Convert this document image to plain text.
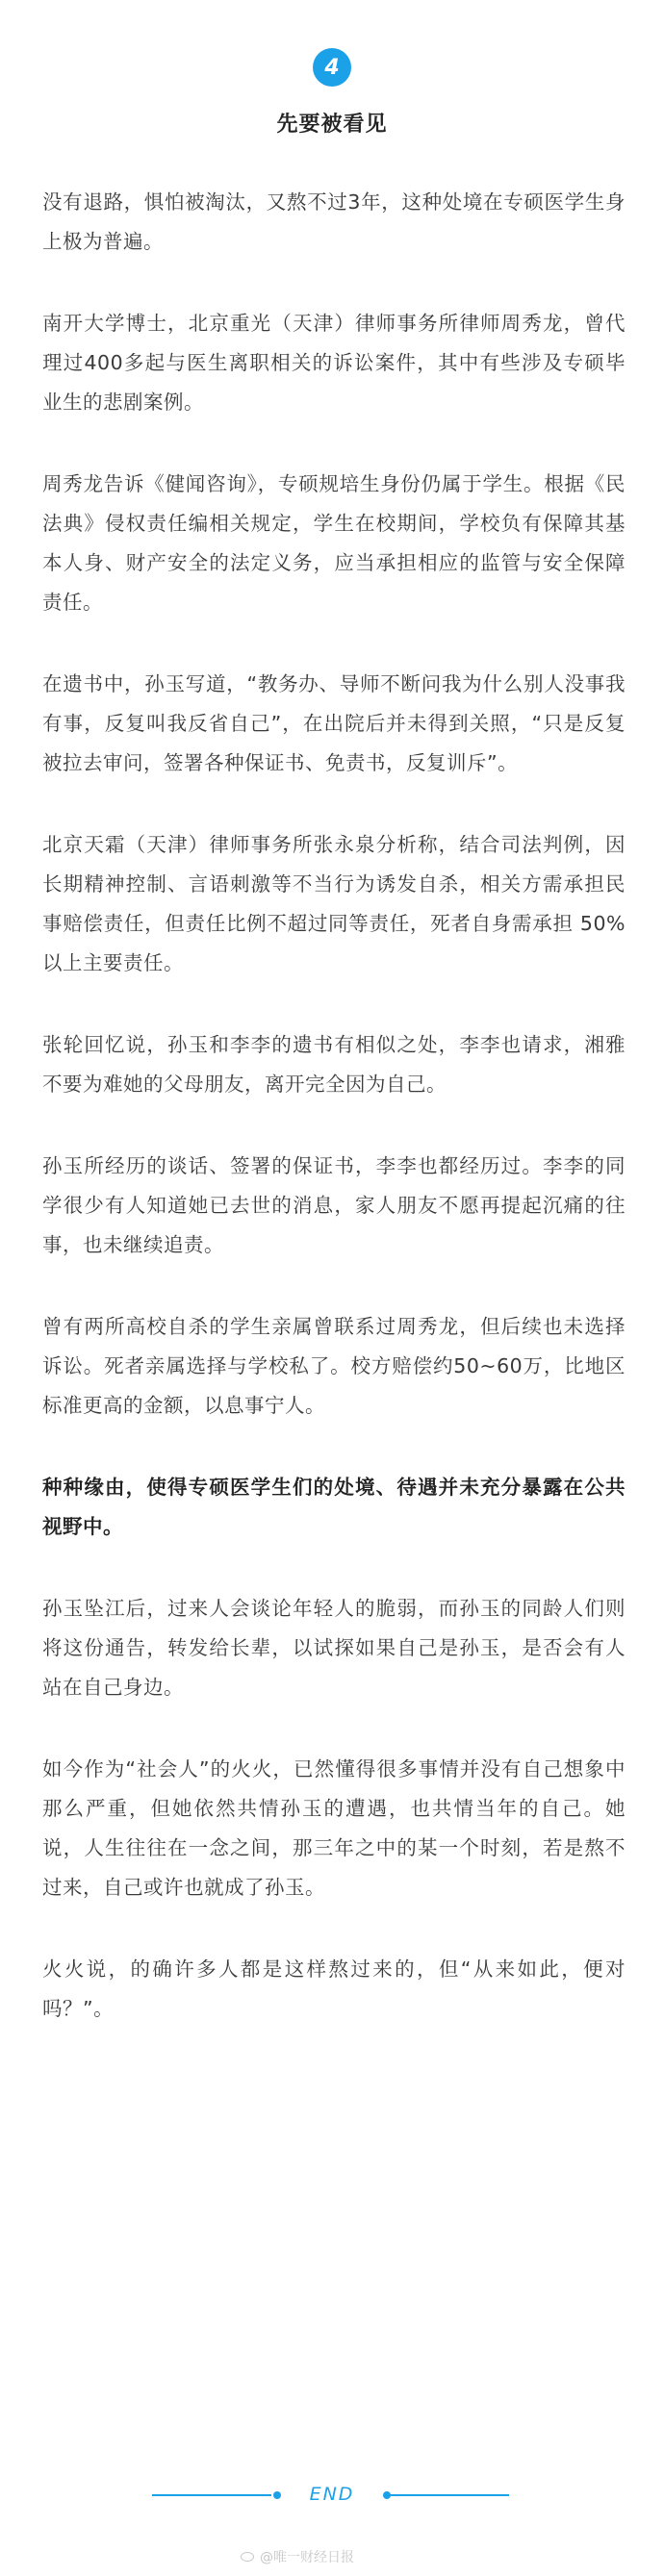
4
先要被看见

没有退路，惧怕被淘汰，又熬不过3年，这种处境在专硕医学生身上极为普遍。

南开大学博士，北京重光（天津）律师事务所律师周秀龙，曾代理过400多起与医生离职相关的诉讼案件，其中有些涉及专硕毕业生的悲剧案例。

周秀龙告诉《健闻咨询》，专硕规培生身份仍属于学生。根据《民法典》侵权责任编相关规定，学生在校期间，学校负有保障其基本人身、财产安全的法定义务，应当承担相应的监管与安全保障责任。

在遗书中，孙玉写道，“教务办、导师不断问我为什么别人没事我有事，反复叫我反省自己”，在出院后并未得到关照，“只是反复被拉去审问，签署各种保证书、免责书，反复训斥”。

北京天霜（天津）律师事务所张永泉分析称，结合司法判例，因长期精神控制、言语刺激等不当行为诱发自杀，相关方需承担民事赔偿责任，但责任比例不超过同等责任，死者自身需承担 50% 以上主要责任。

张轮回忆说，孙玉和李李的遗书有相似之处，李李也请求，湘雅不要为难她的父母朋友，离开完全因为自己。

孙玉所经历的谈话、签署的保证书，李李也都经历过。李李的同学很少有人知道她已去世的消息，家人朋友不愿再提起沉痛的往事，也未继续追责。

曾有两所高校自杀的学生亲属曾联系过周秀龙，但后续也未选择诉讼。死者亲属选择与学校私了。校方赔偿约50~60万，比地区标准更高的金额，以息事宁人。

种种缘由，使得专硕医学生们的处境、待遇并未充分暴露在公共视野中。

孙玉坠江后，过来人会谈论年轻人的脆弱，而孙玉的同龄人们则将这份通告，转发给长辈，以试探如果自己是孙玉，是否会有人站在自己身边。

如今作为“社会人”的火火，已然懂得很多事情并没有自己想象中那么严重，但她依然共情孙玉的遭遇，也共情当年的自己。她说，人生往往在一念之间，那三年之中的某一个时刻，若是熬不过来，自己或许也就成了孙玉。

火火说，的确许多人都是这样熬过来的，但“从来如此，便对吗？”。

END
@唯一财经日报
